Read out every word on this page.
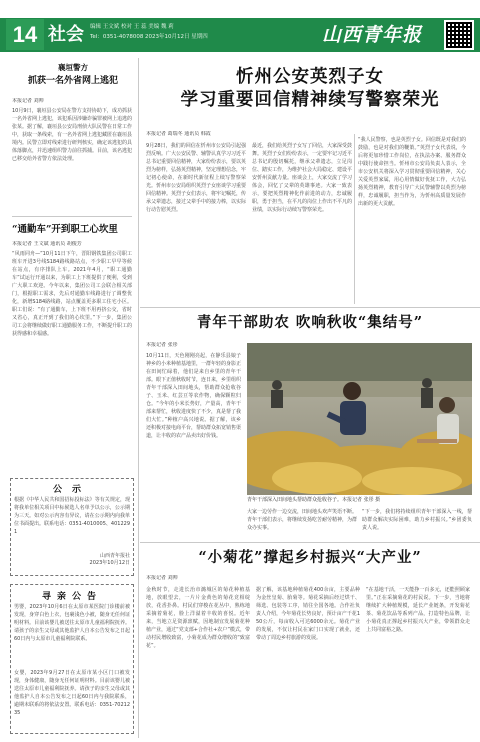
14 社会 编辑 王文斌 校对 王 蕊 美编 魏 莉
Tel：0351-4078008 2023年10月12日 星期四	山西青年报
襄垣警方
抓获一名外省网上逃犯
本报记者 刘帅
10月9日，襄垣县公安局在警方支持协助下，成功抓获一名外省网上逃犯，该犯系因涉嫌诈骗罪被网上追逃的张某。据了解，襄垣县公安局刑侦大队民警在日常工作中，获取一条线索，有一名外省网上逃犯藏匿在襄垣县境内。民警立即对线索进行研判核实，确定该逃犯的具体落脚点，并迅速组织警力前往抓捕。目前，该名逃犯已移交给外省警方依法处理。
“通勤车”开到职工心坎里
本报记者 王文斌 通讯员 胡俊芳
“风雨同舟—”10月11日下午，晋阳钢铁集团公司职工班车开进3号线S184路线路站点，不少职工早早等候在站点，有序排队上车。2021年4月，“职工通勤车”试运行开通以来，为职工上下班提供了便利，受到广大职工欢迎。今年以来，集团公司工会联合相关部门，根据职工需求，先后对通勤车线路进行了调整优化，新增S184路线路，站点覆盖更多职工住宅小区。职工们说：“有了通勤车，上下班不用再挤公交，省时又省心，真正开到了我们的心坎里。”下一步，集团公司工会将继续做好职工通勤服务工作，不断提升职工的获得感和幸福感。
公示
根据《中华人民共和国招标投标法》等有关规定，现将我单位相关项目中标候选人名单予以公示，公示期为三天。如对公示内容有异议，请在公示期内向我单位书面提出。联系电话：0351-4010005、4012291
山西青年报社
2023年10月12日
寻亲公告
男婴，2023年10月6日在太原市某医院门诊楼前被发现，身穿白色上衣，包裹浅色小被，随身无任何证明材料。目前该婴儿被送往太原市儿童福利院抚养。请孩子的亲生父母或其他监护人自本公告发布之日起60日内与太原市儿童福利院联系。
女婴，2023年9月27日在太原市某小区门口被发现，身体健康，随身无任何证明材料。目前该婴儿被送往太原市儿童福利院抚养。请孩子的亲生父母或其他监护人自本公告发布之日起60日内与我院联系，逾期未联系的将依法安置。联系电话：0351-7021235
忻州公安英烈子女
学习重要回信精神续写警察荣光
本报记者 葛瑞冬 通讯员 韩霞
9月28日，我们的回信在忻州市公安局引起强烈反响。广大公安民警、辅警认真学习习近平总书记重要回信精神，大家纷纷表示，要以英烈为榜样，弘扬英烈精神，坚定理想信念，牢记初心使命，在新时代新征程上续写警察荣光。忻州市公安局组织英烈子女座谈学习重要回信精神。英烈子女们表示，将牢记嘱托，传承父辈遗志，接过父辈手中的接力棒，以实际行动告慰英烈。
最近，我们给英烈子女写了回信，大家深受鼓舞。英烈子女们纷纷表示，一定要牢记习近平总书记的殷切嘱托，继承父辈遗志，立足岗位、踏实工作，为维护社会大局稳定、建设平安忻州贡献力量。座谈会上，大家交流了学习体会，回忆了父辈的英雄事迹。大家一致表示，要把英烈精神化作前进的动力，忠诚履职，勇于担当，在平凡的岗位上作出不平凡的业绩，以实际行动续写警察荣光。
“我人民警察，也是英烈子女。回信既是对我们的鼓励，也是对我们的鞭策。”英烈子女代表说，今后将更加珍惜工作岗位，在执法办案、服务群众中践行使命担当。忻州市公安局负责人表示，全市公安机关将深入学习贯彻重要回信精神，关心关爱英烈家属，用心用情做好优抚工作，大力弘扬英烈精神，教育引导广大民警辅警以英烈为榜样，忠诚履职，担当作为，为忻州高质量发展作出新的更大贡献。
青年干部助农 吹响秋收“集结号”
本报记者 张彤
10月11日，天色刚刚亮起，在静乐县娘子神乡的小米种植基地里，一群年轻的身影正在田间忙碌着，他们是来自乡里的青年干部。眼下正值秋收时节，连日来，乡里组织青年干部深入田间地头，帮助群众抢收谷子、玉米、红芸豆等农作物，确保颗粒归仓。“今年的小米长势好，产量高，青年干部来帮忙，秋收进度快了不少，真是帮了我们大忙。”种植户高兴地说。据了解，该乡还积极对接电商平台，帮助群众拓宽销售渠道，让丰收的农产品卖出好价钱。
青年干部深入田间地头帮助群众抢收谷子。本报记者 张彤 摄
大家一边劳作一边交流，田间地头欢声笑语不断。青年干部们表示，将继续发扬吃苦耐劳精神，为群众办实事。
“下一步，我们将持续组织青年干部深入一线，帮助群众解决实际困难，助力乡村振兴。”乡团委负责人说。
“小菊花”撑起乡村振兴“大产业”
本报记者 刘帅
金秋时节，走进长治市潞城区的菊花种植基地，放眼望去，一片片金黄色的菊花竞相绽放，花香扑鼻。村民们穿梭在花丛中，熟练地采摘着菊花，脸上洋溢着丰收的喜悦。近年来，当地立足资源禀赋，因地制宜发展菊花种植产业，通过“党支部+合作社+农户”模式，带动村民增收致富，小菊花成为群众增收的“致富花”。
据了解，该基地种植菊花400余亩，主要品种为金丝皇菊、胎菊等。菊花采摘后经过烘干、筛选、包装等工序，销往全国各地。合作社负责人介绍，今年菊花长势良好，预计亩产干花150公斤，每亩收入可达6000余元。菊花产业的发展，不仅让村民在家门口实现了就业，还带动了周边乡村旅游的发展。
“在基地干活，一天能挣一百多元，还能照顾家里。”正在采摘菊花的村民说。下一步，当地将继续扩大种植规模，延长产业链条，开发菊花茶、菊花饮品等系列产品，打造特色品牌，让小菊花真正撑起乡村振兴大产业，带领群众走上共同富裕之路。
